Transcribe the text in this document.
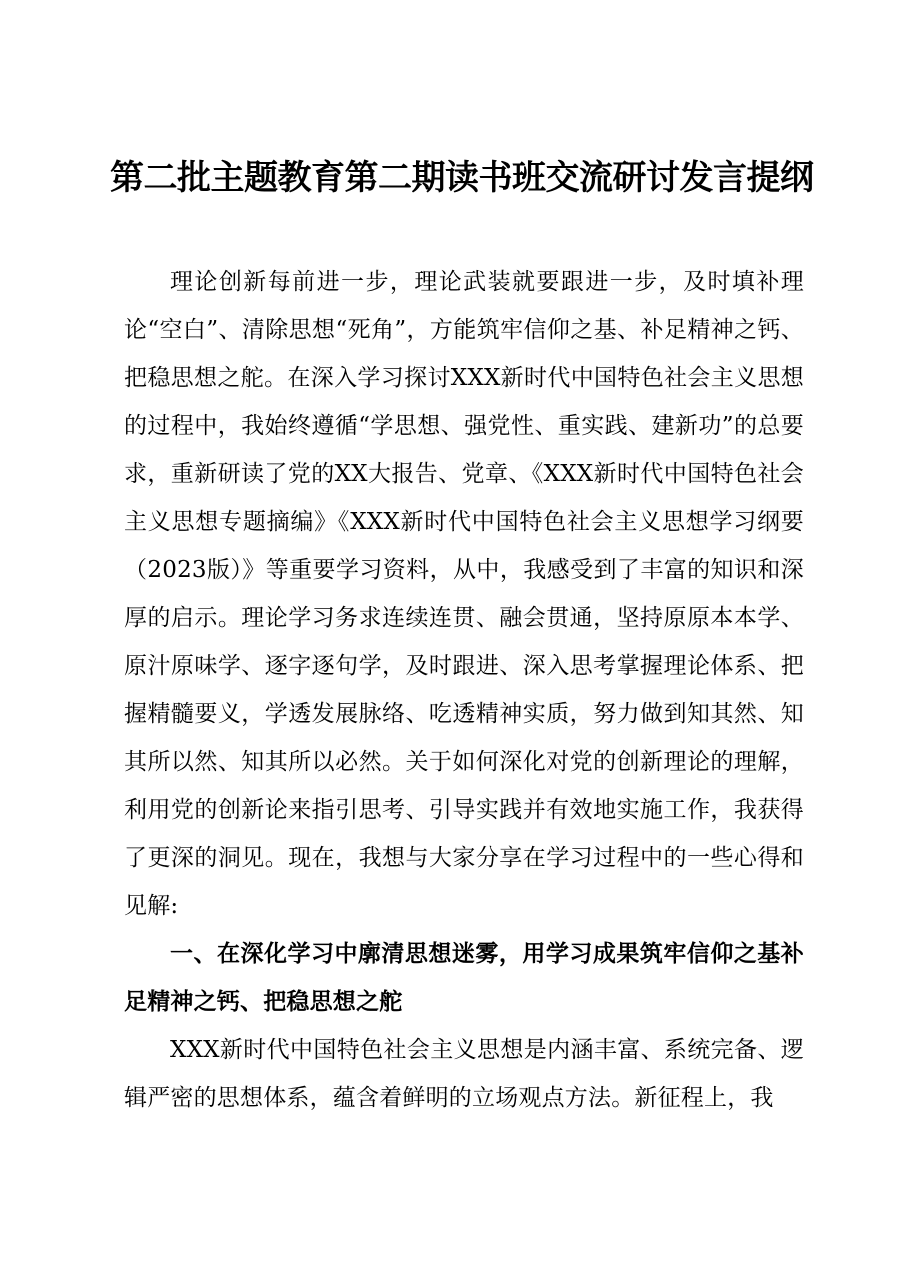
第二批主题教育第二期读书班交流研讨发言提纲

理论创新每前进一步，理论武装就要跟进一步，及时填补理论“空白”、清除思想“死角”，方能筑牢信仰之基、补足精神之钙、把稳思想之舵。在深入学习探讨XXX新时代中国特色社会主义思想的过程中，我始终遵循“学思想、强党性、重实践、建新功”的总要求，重新研读了党的XX大报告、党章、《XXX新时代中国特色社会主义思想专题摘编》《XXX新时代中国特色社会主义思想学习纲要（2023版）》等重要学习资料，从中，我感受到了丰富的知识和深厚的启示。理论学习务求连续连贯、融会贯通，坚持原原本本学、原汁原味学、逐字逐句学，及时跟进、深入思考掌握理论体系、把握精髓要义，学透发展脉络、吃透精神实质，努力做到知其然、知其所以然、知其所以必然。关于如何深化对党的创新理论的理解，利用党的创新论来指引思考、引导实践并有效地实施工作，我获得了更深的洞见。现在，我想与大家分享在学习过程中的一些心得和见解:

一、在深化学习中廓清思想迷雾，用学习成果筑牢信仰之基补足精神之钙、把稳思想之舵

XXX新时代中国特色社会主义思想是内涵丰富、系统完备、逻辑严密的思想体系，蕴含着鲜明的立场观点方法。新征程上，我
